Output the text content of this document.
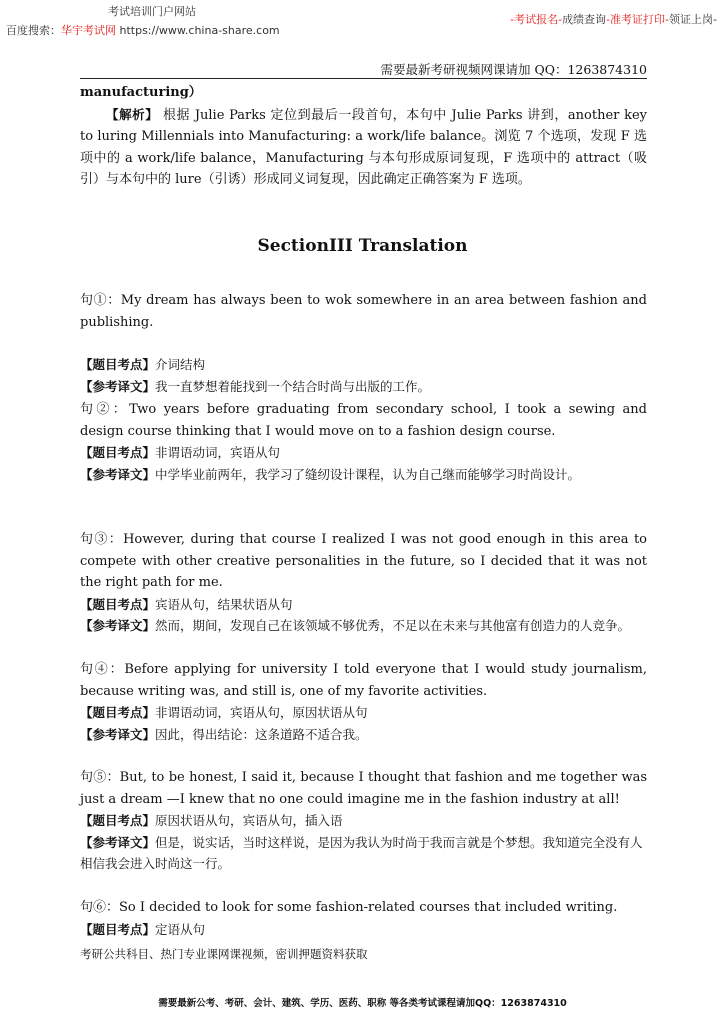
考试培训门户网站
百度搜索：华宇考试网 https://www.china-share.com
-考试报名-成绩查询-准考证打印-领证上岗-
需要最新考研视频网课请加 QQ：1263874310
manufacturing）
【解析】 根据 Julie Parks 定位到最后一段首句，本句中 Julie Parks 讲到，another key to luring Millennials into Manufacturing: a work/life balance。浏览 7 个选项，发现 F 选项中的 a work/life balance，Manufacturing 与本句形成原词复现，F 选项中的 attract（吸引）与本句中的 lure（引诱）形成同义词复现，因此确定正确答案为 F 选项。
SectionIII Translation
句①：My dream has always been to wok somewhere in an area between fashion and publishing.
【题目考点】介词结构
【参考译文】我一直梦想着能找到一个结合时尚与出版的工作。
句②：Two years before graduating from secondary school, I took a sewing and design course thinking that I would move on to a fashion design course.
【题目考点】非谓语动词，宾语从句
【参考译文】中学毕业前两年，我学习了缝纫设计课程，认为自己继而能够学习时尚设计。
句③：However, during that course I realized I was not good enough in this area to compete with other creative personalities in the future, so I decided that it was not the right path for me.
【题目考点】宾语从句，结果状语从句
【参考译文】然而，期间，发现自己在该领域不够优秀，不足以在未来与其他富有创造力的人竞争。
句④：Before applying for university I told everyone that I would study journalism, because writing was, and still is, one of my favorite activities.
【题目考点】非谓语动词，宾语从句，原因状语从句
【参考译文】因此，得出结论：这条道路不适合我。
句⑤：But, to be honest, I said it, because I thought that fashion and me together was just a dream —I knew that no one could imagine me in the fashion industry at all!
【题目考点】原因状语从句，宾语从句，插入语
【参考译文】但是，说实话，当时这样说，是因为我认为时尚于我而言就是个梦想。我知道完全没有人相信我会进入时尚这一行。
句⑥：So I decided to look for some fashion-related courses that included writing.
【题目考点】定语从句
考研公共科目、热门专业课网课视频，密训押题资料获取
需要最新公考、考研、会计、建筑、学历、医药、职称 等各类考试课程请加QQ：1263874310
